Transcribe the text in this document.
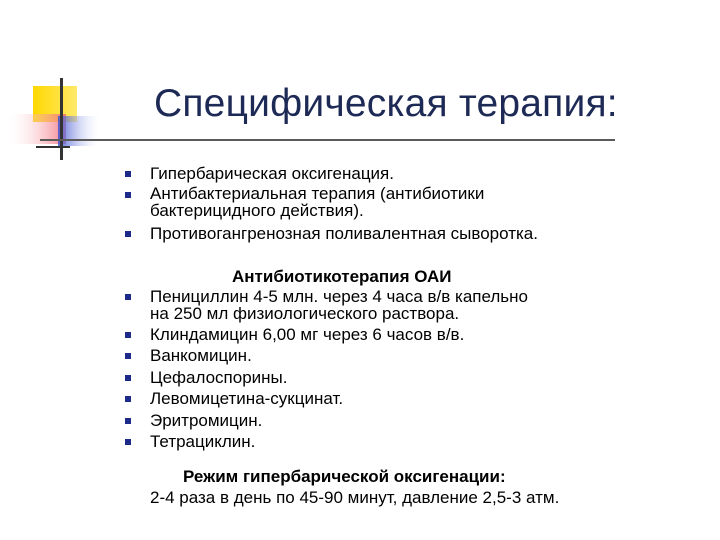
Специфическая терапия:
Гипербарическая оксигенация.
Антибактериальная терапия (антибиотики
бактерицидного действия).
Противогангренозная поливалентная сыворотка.
Антибиотикотерапия ОАИ
Пенициллин 4-5 млн. через 4 часа в/в капельно
на 250 мл физиологического раствора.
Клиндамицин 6,00 мг через 6 часов в/в.
Ванкомицин.
Цефалоспорины.
Левомицетина-сукцинат.
Эритромицин.
Тетрациклин.
Режим гипербарической оксигенации:
2-4 раза в день по 45-90 минут, давление 2,5-3 атм.
